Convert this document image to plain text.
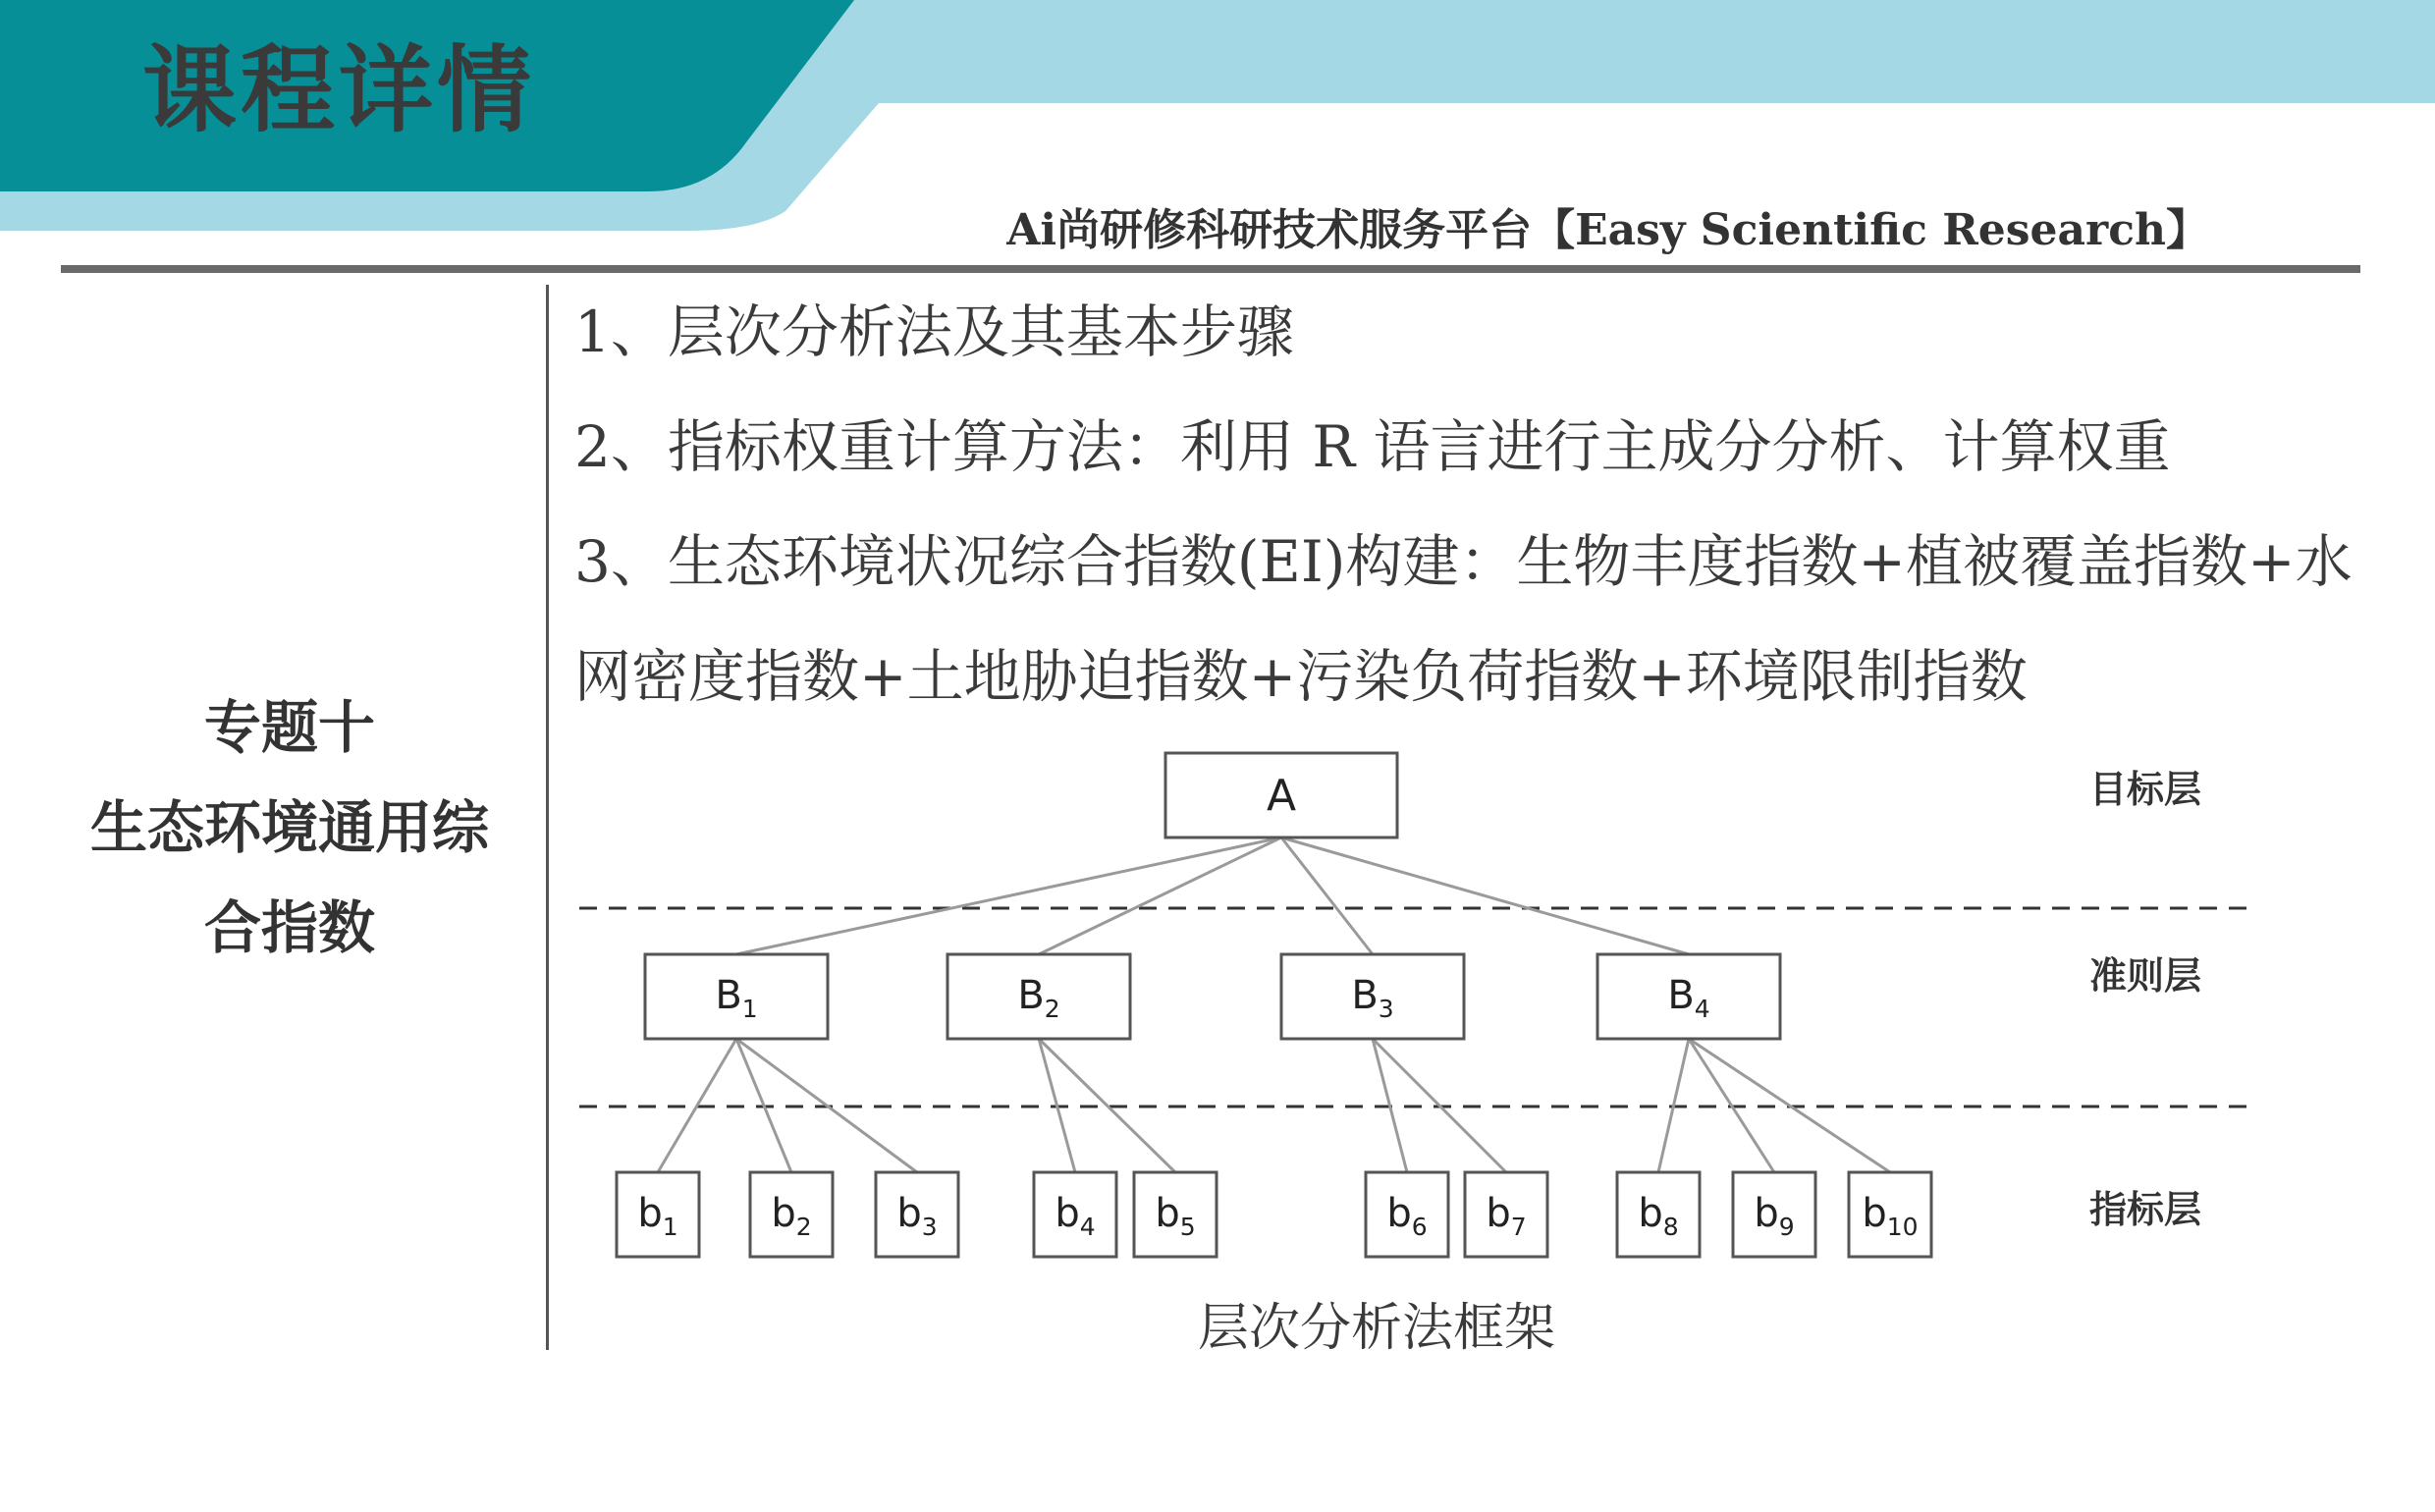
课程详情
Ai尚研修科研技术服务平台【Easy Scientific Research】
专题十
生态环境通用综
合指数

1、层次分析法及其基本步骤

2、指标权重计算方法：利用 R 语言进行主成分分析、计算权重

3、生态环境状况综合指数(EI)构建：生物丰度指数+植被覆盖指数+水

网密度指数+土地胁迫指数+污染负荷指数+环境限制指数

A
$B_1$
$b_1$ $b_2$ $b_3$
$B_2$
$b_4$ $b_5$
$B_3$
$b_6$ $b_7$
$B_4$
$b_8$ $b_9$ $b_{10}$
目标层
准则层
指标层
层次分析法框架
